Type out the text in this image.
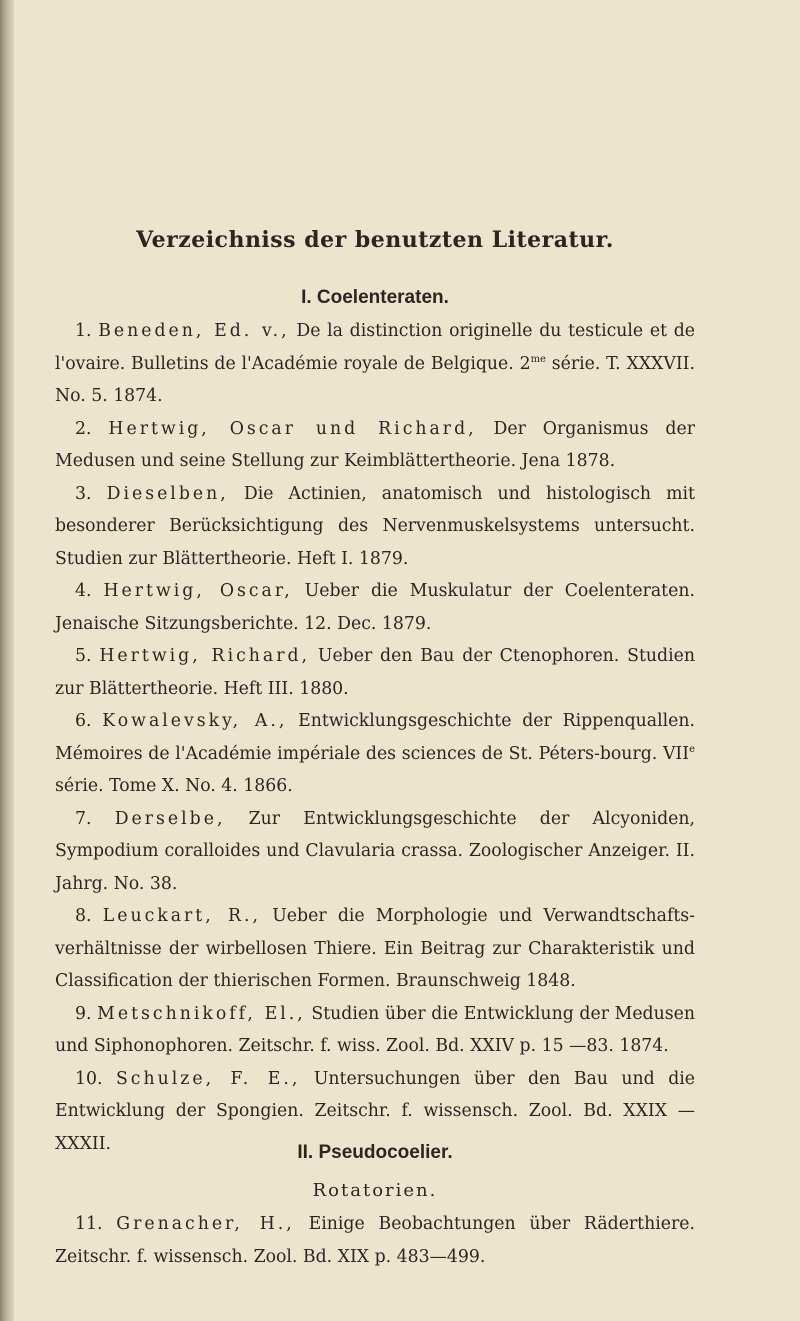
Verzeichniss der benutzten Literatur.
I. Coelenteraten.

1. Beneden, Ed. v., De la distinction originelle du testicule et de l'ovaire. Bulletins de l'Académie royale de Belgique. $2^{me}$ série. T. XXXVII. No. 5. 1874.

2. Hertwig, Oscar und Richard, Der Organismus der Medusen und seine Stellung zur Keimblättertheorie. Jena 1878.

3. Dieselben, Die Actinien, anatomisch und histologisch mit besonderer Berücksichtigung des Nervenmuskelsystems untersucht. Studien zur Blättertheorie. Heft I. 1879.

4. Hertwig, Oscar, Ueber die Muskulatur der Coelenteraten. Jenaische Sitzungsberichte. 12. Dec. 1879.

5. Hertwig, Richard, Ueber den Bau der Ctenophoren. Studien zur Blättertheorie. Heft III. 1880.

6. Kowalevsky, A., Entwicklungsgeschichte der Rippenquallen. Mémoires de l'Académie impériale des sciences de St. Péters-bourg. VIIe série. Tome X. No. 4. 1866.

7. Derselbe, Zur Entwicklungsgeschichte der Alcyoniden, Sympodium coralloides und Clavularia crassa. Zoologischer Anzeiger. II. Jahrg. No. 38.

8. Leuckart, R., Ueber die Morphologie und Verwandtschafts-verhältnisse der wirbellosen Thiere. Ein Beitrag zur Charakteristik und Classification der thierischen Formen. Braunschweig 1848.

9. Metschnikoff, El., Studien über die Entwicklung der Medusen und Siphonophoren. Zeitschr. f. wiss. Zool. Bd. XXIV p. 15 —83. 1874.

10. Schulze, F. E., Untersuchungen über den Bau und die Entwicklung der Spongien. Zeitschr. f. wissensch. Zool. Bd. XXIX —XXXII.	II. Pseudocoelier.
Rotatorien.

11. Grenacher, H., Einige Beobachtungen über Räderthiere. Zeitschr. f. wissensch. Zool. Bd. XIX p. 483—499.
